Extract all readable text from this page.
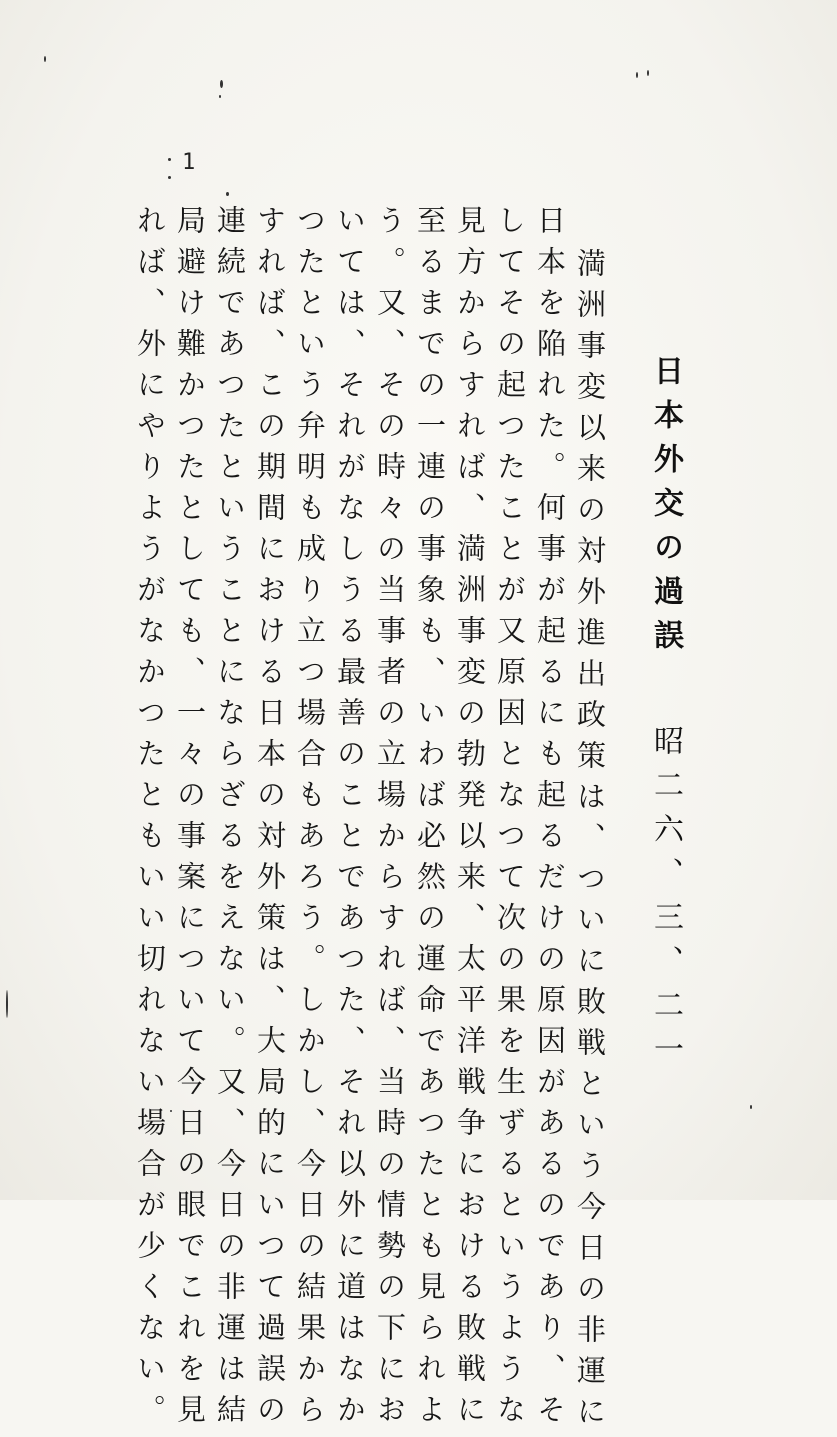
1
日本外交の過誤
昭二六、三、二一
満洲事変以来の対外進出政策は、ついに敗戦という今日の非運に
日本を陥れた。何事が起るにも起るだけの原因があるのであり、そ
してその起つたことが又原因となつて次の果を生ずるというような
見方からすれば、満洲事変の勃発以来、太平洋戦争における敗戦に
至るまでの一連の事象も、いわば必然の運命であつたとも見られよ
う。又、その時々の当事者の立場からすれば、当時の情勢の下にお
いては、それがなしうる最善のことであつた、それ以外に道はなか
つたという弁明も成り立つ場合もあろう。しかし、今日の結果から
すれば、この期間における日本の対外策は、大局的にいつて過誤の
連続であつたということにならざるをえない。又、今日の非運は結
局避け難かつたとしても、一々の事案について今日の眼でこれを見
れば、外にやりようがなかつたともいい切れない場合が少くない。
